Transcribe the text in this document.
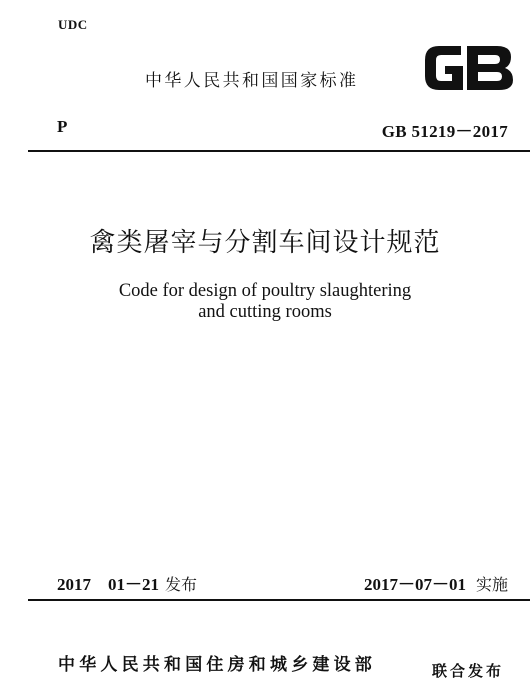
UDC
中华人民共和国国家标准
P	GB 51219－2017
禽类屠宰与分割车间设计规范
Code for design of poultry slaughtering
and cutting rooms
2017　01－21 发布	2017－07－01 实施
中华人民共和国住房和城乡建设部	联合发布
